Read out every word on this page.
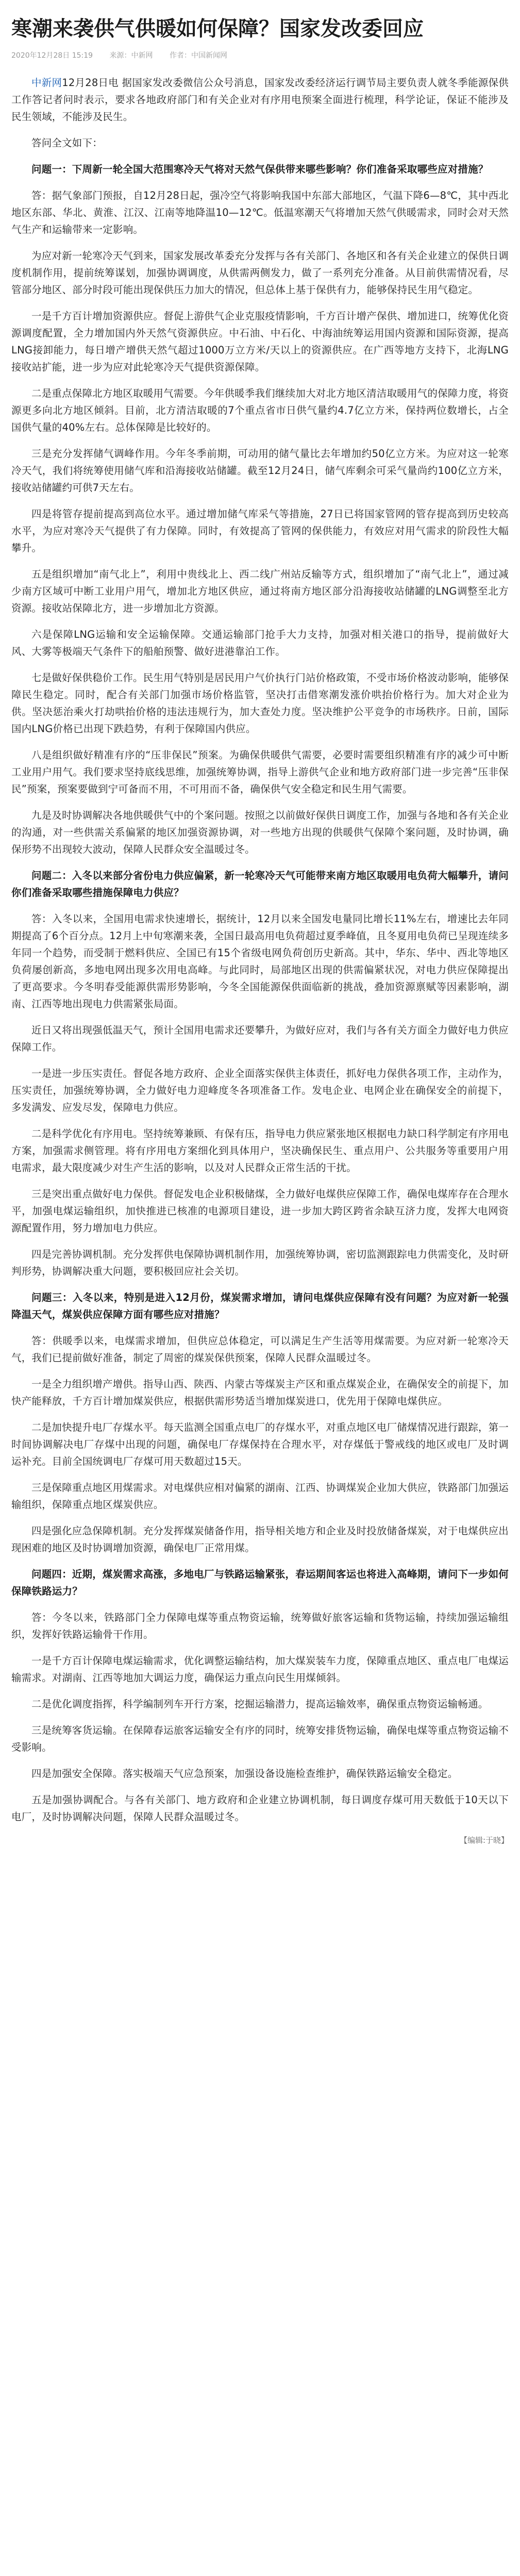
寒潮来袭供气供暖如何保障？国家发改委回应
2020年12月28日 15:19 来源：中新网 作者：中国新闻网

中新网12月28日电 据国家发改委微信公众号消息，国家发改委经济运行调节局主要负责人就冬季能源保供工作答记者问时表示，要求各地政府部门和有关企业对有序用电预案全面进行梳理，科学论证，保证不能涉及民生领域，不能涉及民生。

答问全文如下：

问题一：下周新一轮全国大范围寒冷天气将对天然气保供带来哪些影响？你们准备采取哪些应对措施？

答：据气象部门预报，自12月28日起，强冷空气将影响我国中东部大部地区，气温下降6—8℃，其中西北地区东部、华北、黄淮、江汉、江南等地降温10—12℃。低温寒潮天气将增加天然气供暖需求，同时会对天然气生产和运输带来一定影响。

为应对新一轮寒冷天气到来，国家发展改革委充分发挥与各有关部门、各地区和各有关企业建立的保供日调度机制作用，提前统筹谋划，加强协调调度，从供需两侧发力，做了一系列充分准备。从目前供需情况看，尽管部分地区、部分时段可能出现保供压力加大的情况，但总体上基于保供有力，能够保持民生用气稳定。

一是千方百计增加资源供应。督促上游供气企业克服疫情影响，千方百计增产保供、增加进口，统筹优化资源调度配置，全力增加国内外天然气资源供应。中石油、中石化、中海油统筹运用国内资源和国际资源，提高LNG接卸能力，每日增产增供天然气超过1000万立方米/天以上的资源供应。在广西等地方支持下，北海LNG接收站扩能，进一步为应对此轮寒冷天气提供资源保障。

二是重点保障北方地区取暖用气需要。今年供暖季我们继续加大对北方地区清洁取暖用气的保障力度，将资源更多向北方地区倾斜。目前，北方清洁取暖的7个重点省市日供气量约4.7亿立方米，保持两位数增长，占全国供气量的40%左右。总体保障是比较好的。

三是充分发挥储气调峰作用。今年冬季前期，可动用的储气量比去年增加约50亿立方米。为应对这一轮寒冷天气，我们将统筹使用储气库和沿海接收站储罐。截至12月24日，储气库剩余可采气量尚约100亿立方米，接收站储罐约可供7天左右。

四是将管存提前提高到高位水平。通过增加储气库采气等措施，27日已将国家管网的管存提高到历史较高水平，为应对寒冷天气提供了有力保障。同时，有效提高了管网的保供能力，有效应对用气需求的阶段性大幅攀升。

五是组织增加“南气北上”，利用中贵线北上、西二线广州站反输等方式，组织增加了“南气北上”，通过减少南方区域可中断工业用户用气，增加北方地区供应，通过将南方地区部分沿海接收站储罐的LNG调整至北方资源。接收站保障北方，进一步增加北方资源。

六是保障LNG运输和安全运输保障。交通运输部门抢手大力支持，加强对相关港口的指导，提前做好大风、大雾等极端天气条件下的船舶预警、做好进港靠泊工作。

七是做好保供稳价工作。民生用气特别是居民用户气价执行门站价格政策，不受市场价格波动影响，能够保障民生稳定。同时，配合有关部门加强市场价格监管，坚决打击借寒潮发涨价哄抬价格行为。加大对企业为供。坚决惩治乘火打劫哄抬价格的违法违规行为，加大查处力度。坚决维护公平竞争的市场秩序。日前，国际国内LNG价格已出现下跌趋势，有利于保障国内供应。

八是组织做好精准有序的“压非保民”预案。为确保供暖供气需要，必要时需要组织精准有序的减少可中断工业用户用气。我们要求坚持底线思维，加强统筹协调，指导上游供气企业和地方政府部门进一步完善“压非保民”预案，预案要做到宁可备而不用，不可用而不备，确保供气安全稳定和民生用气需要。

九是及时协调解决各地供暖供气中的个案问题。按照之以前做好保供日调度工作，加强与各地和各有关企业的沟通，对一些供需关系偏紧的地区加强资源协调，对一些地方出现的供暖供气保障个案问题，及时协调，确保形势不出现较大波动，保障人民群众安全温暖过冬。

问题二：入冬以来部分省份电力供应偏紧，新一轮寒冷天气可能带来南方地区取暖用电负荷大幅攀升，请问你们准备采取哪些措施保障电力供应？

答：入冬以来，全国用电需求快速增长，据统计，12月以来全国发电量同比增长11%左右，增速比去年同期提高了6个百分点。12月上中旬寒潮来袭，全国日最高用电负荷超过夏季峰值，且冬夏用电负荷已呈现连续多年同一个趋势，而受制于燃料供应、全国已有15个省级电网负荷创历史新高。其中，华东、华中、西北等地区负荷屡创新高，多地电网出现多次用电高峰。与此同时，局部地区出现的供需偏紧状况，对电力供应保障提出了更高要求。今冬明春受能源供需形势影响，今冬全国能源保供面临新的挑战，叠加资源禀赋等因素影响，湖南、江西等地出现电力供需紧张局面。

近日又将出现强低温天气，预计全国用电需求还要攀升，为做好应对，我们与各有关方面全力做好电力供应保障工作。

一是进一步压实责任。督促各地方政府、企业全面落实保供主体责任，抓好电力保供各项工作，主动作为，压实责任，加强统筹协调，全力做好电力迎峰度冬各项准备工作。发电企业、电网企业在确保安全的前提下，多发满发、应发尽发，保障电力供应。

二是科学优化有序用电。坚持统筹兼顾、有保有压，指导电力供应紧张地区根据电力缺口科学制定有序用电方案，加强需求侧管理。将有序用电方案细化到具体用户，坚决确保民生、重点用户、公共服务等重要用户用电需求，最大限度减少对生产生活的影响，以及对人民群众正常生活的干扰。

三是突出重点做好电力保供。督促发电企业积极储煤，全力做好电煤供应保障工作，确保电煤库存在合理水平，加强电煤运输组织，加快推进已核准的电源项目建设，进一步加大跨区跨省余缺互济力度，发挥大电网资源配置作用，努力增加电力供应。

四是完善协调机制。充分发挥供电保障协调机制作用，加强统筹协调，密切监测跟踪电力供需变化，及时研判形势，协调解决重大问题，要积极回应社会关切。

问题三：入冬以来，特别是进入12月份，煤炭需求增加，请问电煤供应保障有没有问题？为应对新一轮强降温天气，煤炭供应保障方面有哪些应对措施？

答：供暖季以来，电煤需求增加，但供应总体稳定，可以满足生产生活等用煤需要。为应对新一轮寒冷天气，我们已提前做好准备，制定了周密的煤炭保供预案，保障人民群众温暖过冬。

一是全力组织增产增供。指导山西、陕西、内蒙古等煤炭主产区和重点煤炭企业，在确保安全的前提下，加快产能释放，千方百计增加煤炭供应，根据供需形势适当增加煤炭进口，优先用于保障电煤供应。

二是加快提升电厂存煤水平。每天监测全国重点电厂的存煤水平，对重点地区电厂储煤情况进行跟踪，第一时间协调解决电厂存煤中出现的问题，确保电厂存煤保持在合理水平，对存煤低于警戒线的地区或电厂及时调运补充。目前全国统调电厂存煤可用天数超过15天。

三是保障重点地区用煤需求。对电煤供应相对偏紧的湖南、江西、协调煤炭企业加大供应，铁路部门加强运输组织，保障重点地区煤炭供应。

四是强化应急保障机制。充分发挥煤炭储备作用，指导相关地方和企业及时投放储备煤炭，对于电煤供应出现困难的地区及时协调增加资源，确保电厂正常用煤。

问题四：近期，煤炭需求高涨，多地电厂与铁路运输紧张，春运期间客运也将进入高峰期，请问下一步如何保障铁路运力？

答：今冬以来，铁路部门全力保障电煤等重点物资运输，统筹做好旅客运输和货物运输，持续加强运输组织，发挥好铁路运输骨干作用。

一是千方百计保障电煤运输需求，优化调整运输结构，加大煤炭装车力度，保障重点地区、重点电厂电煤运输需求。对湖南、江西等地加大调运力度，确保运力重点向民生用煤倾斜。

二是优化调度指挥，科学编制列车开行方案，挖掘运输潜力，提高运输效率，确保重点物资运输畅通。

三是统筹客货运输。在保障春运旅客运输安全有序的同时，统筹安排货物运输，确保电煤等重点物资运输不受影响。

四是加强安全保障。落实极端天气应急预案，加强设备设施检查维护，确保铁路运输安全稳定。

五是加强协调配合。与各有关部门、地方政府和企业建立协调机制，每日调度存煤可用天数低于10天以下电厂，及时协调解决问题，保障人民群众温暖过冬。

【编辑:于晓】
